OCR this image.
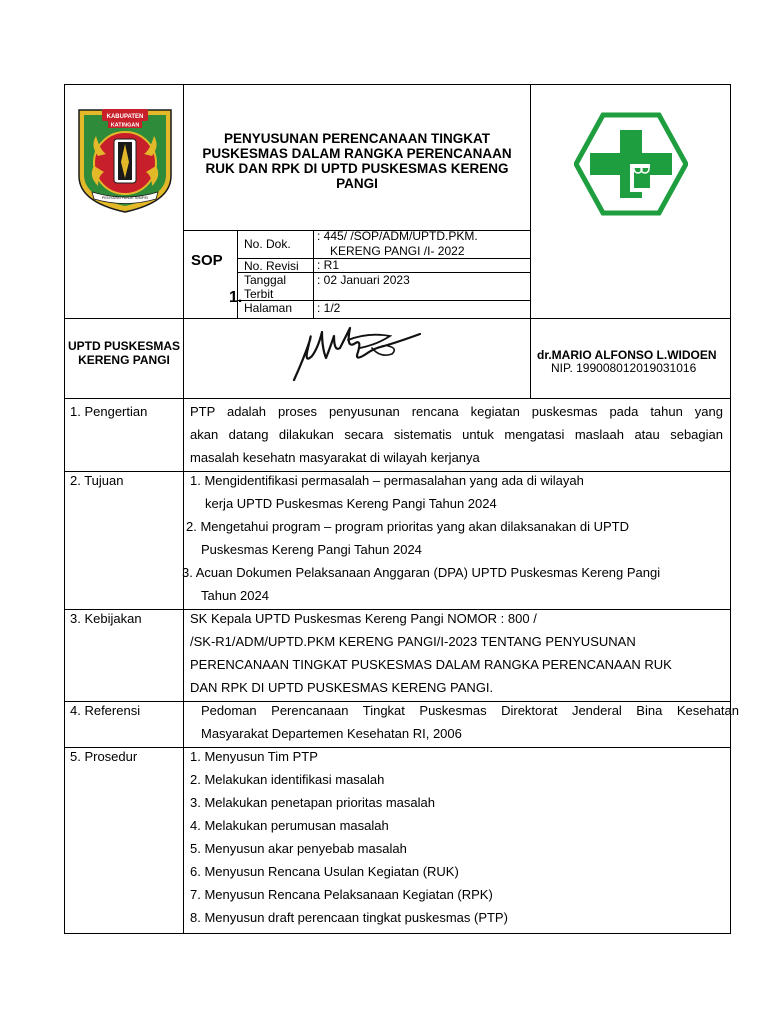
KABUPATEN
KATINGAN
PENYANG HINJE SIMPEI
PENYUSUNAN PERENCANAAN TINGKAT PUSKESMAS DALAM RANGKA PERENCANAAN RUK DAN RPK DI UPTD PUSKESMAS KERENG PANGI
SOP
1.
No. Dok.
: 445/ /SOP/ADM/UPTD.PKM.
KERENG PANGI /I- 2022
No. Revisi : R1
Tanggal
Terbit
: 02 Januari 2023
Halaman : 1/2
UPTD PUSKESMAS KERENG PANGI	dr.MARIO ALFONSO L.WIDOEN
NIP. 199008012019031016
1. Pengertian	PTP adalah proses penyusunan rencana kegiatan puskesmas pada tahun yang
akan datang dilakukan secara sistematis untuk mengatasi maslaah atau sebagian
masalah kesehatn masyarakat di wilayah kerjanya
2. Tujuan	1. Mengidentifikasi permasalah – permasalahan yang ada di wilayah
kerja UPTD Puskesmas Kereng Pangi Tahun 2024
2. Mengetahui program – program prioritas yang akan dilaksanakan di UPTD
Puskesmas Kereng Pangi Tahun 2024
3. Acuan Dokumen Pelaksanaan Anggaran (DPA) UPTD Puskesmas Kereng Pangi
Tahun 2024
3. Kebijakan	SK Kepala UPTD Puskesmas Kereng Pangi NOMOR : 800 /
/SK-R1/ADM/UPTD.PKM KERENG PANGI/I-2023 TENTANG PENYUSUNAN
PERENCANAAN TINGKAT PUSKESMAS DALAM RANGKA PERENCANAAN RUK
DAN RPK DI UPTD PUSKESMAS KERENG PANGI.
4. Referensi	Pedoman Perencanaan Tingkat Puskesmas Direktorat Jenderal Bina Kesehatan
Masyarakat Departemen Kesehatan RI, 2006
5. Prosedur	1. Menyusun Tim PTP
2. Melakukan identifikasi masalah
3. Melakukan penetapan prioritas masalah
4. Melakukan perumusan masalah
5. Menyusun akar penyebab masalah
6. Menyusun Rencana Usulan Kegiatan (RUK)
7. Menyusun Rencana Pelaksanaan Kegiatan (RPK)
8. Menyusun draft perencaan tingkat puskesmas (PTP)
